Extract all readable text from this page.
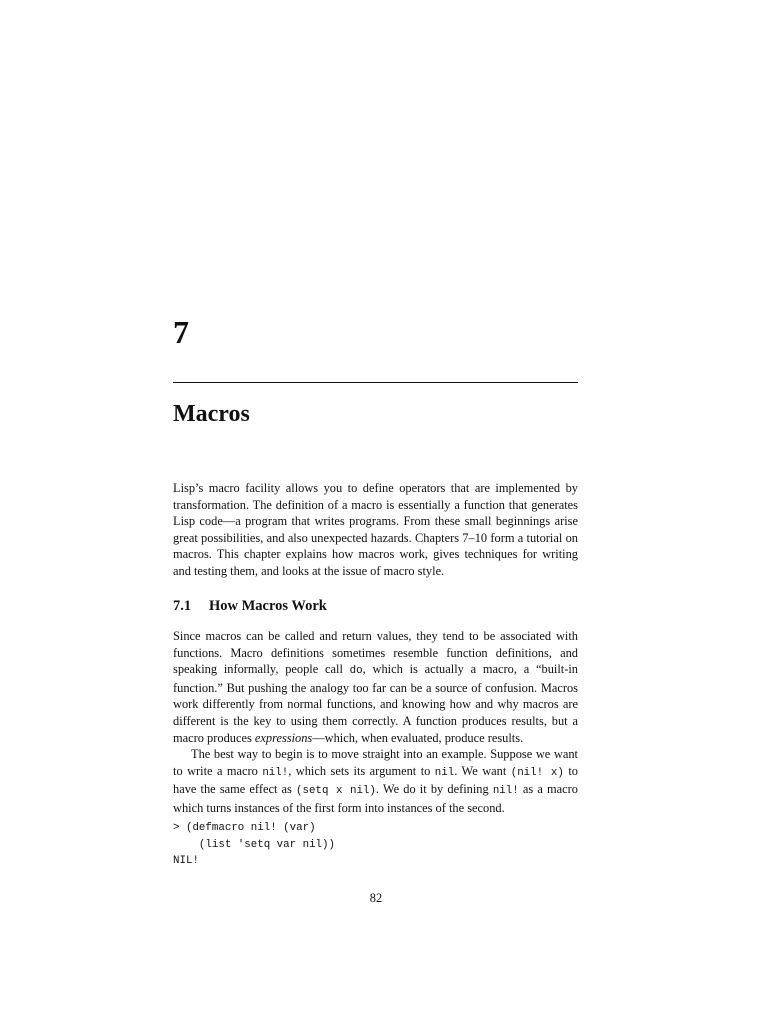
7
Macros

Lisp’s macro facility allows you to define operators that are implemented by transformation. The definition of a macro is essentially a function that generates Lisp code—a program that writes programs. From these small beginnings arise great possibilities, and also unexpected hazards. Chapters 7–10 form a tutorial on macros. This chapter explains how macros work, gives techniques for writing and testing them, and looks at the issue of macro style.

7.1 How Macros Work

Since macros can be called and return values, they tend to be associated with functions. Macro definitions sometimes resemble function definitions, and speaking informally, people call do, which is actually a macro, a “built-in function.” But pushing the analogy too far can be a source of confusion. Macros work differently from normal functions, and knowing how and why macros are different is the key to using them correctly. A function produces results, but a macro produces expressions—which, when evaluated, produce results.

The best way to begin is to move straight into an example. Suppose we want to write a macro nil!, which sets its argument to nil. We want (nil! x) to have the same effect as (setq x nil). We do it by defining nil! as a macro which turns instances of the first form into instances of the second.

> (defmacro nil! (var)
(list 'setq var nil))
NIL!
82
